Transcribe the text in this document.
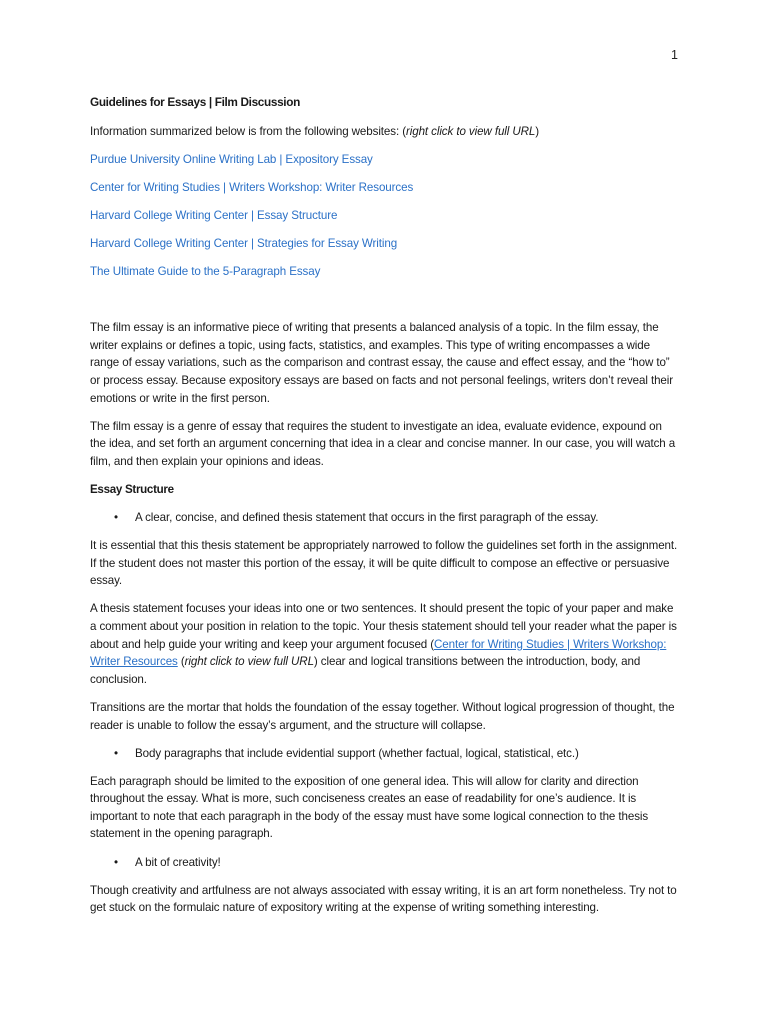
1
Guidelines for Essays | Film Discussion
Information summarized below is from the following websites: (right click to view full URL)
Purdue University Online Writing Lab | Expository Essay
Center for Writing Studies | Writers Workshop: Writer Resources
Harvard College Writing Center | Essay Structure
Harvard College Writing Center | Strategies for Essay Writing
The Ultimate Guide to the 5-Paragraph Essay
The film essay is an informative piece of writing that presents a balanced analysis of a topic. In the film essay, the writer explains or defines a topic, using facts, statistics, and examples. This type of writing encompasses a wide range of essay variations, such as the comparison and contrast essay, the cause and effect essay, and the “how to” or process essay. Because expository essays are based on facts and not personal feelings, writers don’t reveal their emotions or write in the first person.
The film essay is a genre of essay that requires the student to investigate an idea, evaluate evidence, expound on the idea, and set forth an argument concerning that idea in a clear and concise manner. In our case, you will watch a film, and then explain your opinions and ideas.
Essay Structure
• A clear, concise, and defined thesis statement that occurs in the first paragraph of the essay.
It is essential that this thesis statement be appropriately narrowed to follow the guidelines set forth in the assignment. If the student does not master this portion of the essay, it will be quite difficult to compose an effective or persuasive essay.
A thesis statement focuses your ideas into one or two sentences. It should present the topic of your paper and make a comment about your position in relation to the topic. Your thesis statement should tell your reader what the paper is about and help guide your writing and keep your argument focused (Center for Writing Studies | Writers Workshop: Writer Resources (right click to view full URL) clear and logical transitions between the introduction, body, and conclusion.
Transitions are the mortar that holds the foundation of the essay together. Without logical progression of thought, the reader is unable to follow the essay’s argument, and the structure will collapse.
• Body paragraphs that include evidential support (whether factual, logical, statistical, etc.)
Each paragraph should be limited to the exposition of one general idea. This will allow for clarity and direction throughout the essay. What is more, such conciseness creates an ease of readability for one’s audience. It is important to note that each paragraph in the body of the essay must have some logical connection to the thesis statement in the opening paragraph.
• A bit of creativity!
Though creativity and artfulness are not always associated with essay writing, it is an art form nonetheless. Try not to get stuck on the formulaic nature of expository writing at the expense of writing something interesting.
